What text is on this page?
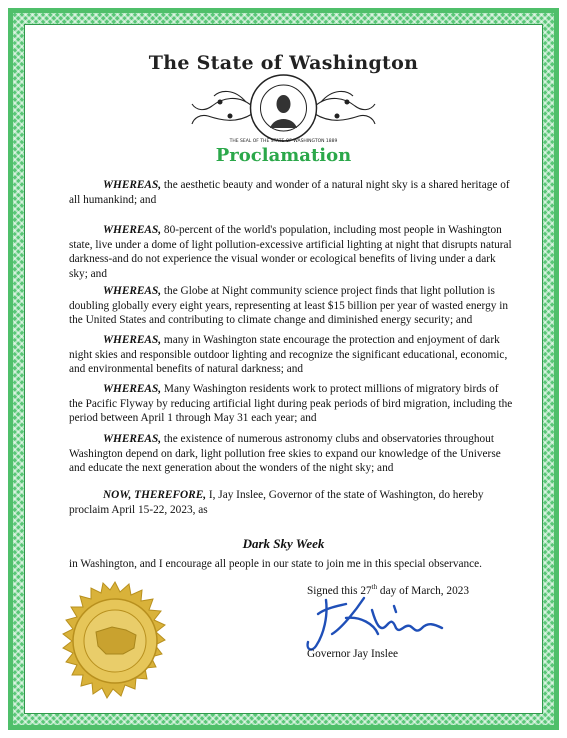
The State of Washington
THE SEAL OF THE STATE OF WASHINGTON 1889
Proclamation

WHEREAS, the aesthetic beauty and wonder of a natural night sky is a shared heritage of all humankind; and

WHEREAS, 80-percent of the world's population, including most people in Washington state, live under a dome of light pollution-excessive artificial lighting at night that disrupts natural darkness-and do not experience the visual wonder or ecological benefits of living under a dark sky; and

WHEREAS, the Globe at Night community science project finds that light pollution is doubling globally every eight years, representing at least $15 billion per year of wasted energy in the United States and contributing to climate change and diminished energy security; and

WHEREAS, many in Washington state encourage the protection and enjoyment of dark night skies and responsible outdoor lighting and recognize the significant educational, economic, and environmental benefits of natural darkness; and

WHEREAS, Many Washington residents work to protect millions of migratory birds of the Pacific Flyway by reducing artificial light during peak periods of bird migration, including the period between April 1 through May 31 each year; and

WHEREAS, the existence of numerous astronomy clubs and observatories throughout Washington depend on dark, light pollution free skies to expand our knowledge of the Universe and educate the next generation about the wonders of the night sky; and

NOW, THEREFORE, I, Jay Inslee, Governor of the state of Washington, do hereby proclaim April 15-22, 2023, as

Dark Sky Week
in Washington, and I encourage all people in our state to join me in this special observance.
Signed this 27th day of March, 2023
Governor Jay Inslee
